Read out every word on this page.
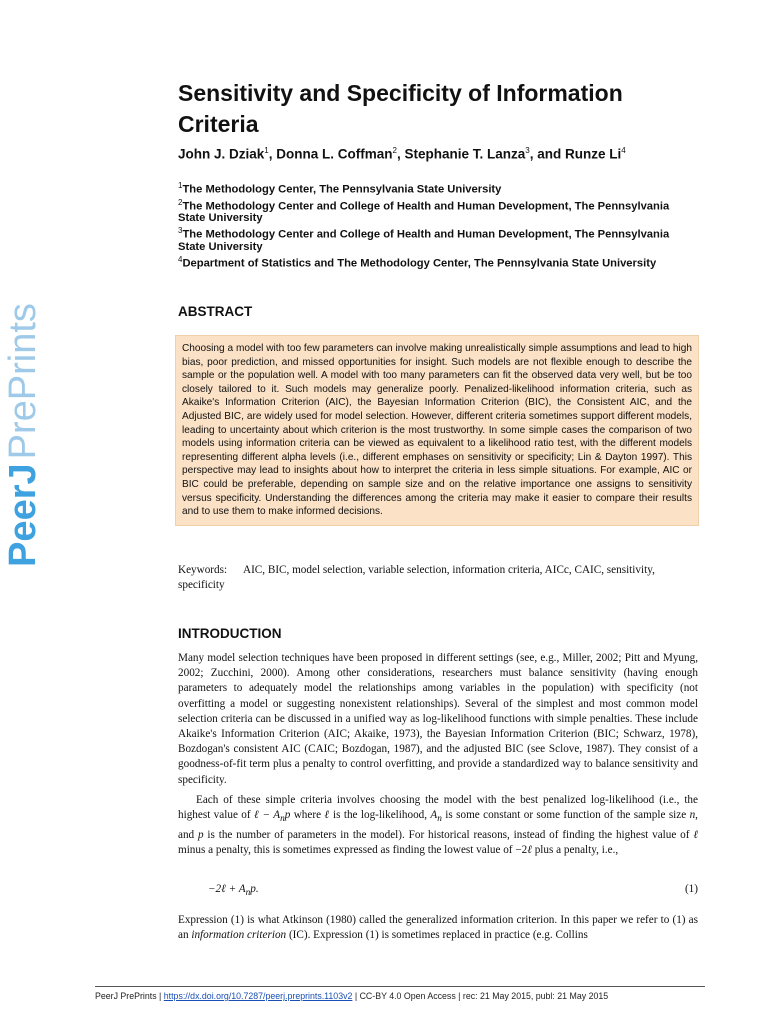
PeerJPrePrints
Sensitivity and Specificity of Information Criteria
John J. Dziak$^1$, Donna L. Coffman$^2$, Stephanie T. Lanza$^3$, and Runze Li$^4$
$^1$The Methodology Center, The Pennsylvania State University
$^2$The Methodology Center and College of Health and Human Development, The Pennsylvania State University
$^3$The Methodology Center and College of Health and Human Development, The Pennsylvania State University
$^4$Department of Statistics and The Methodology Center, The Pennsylvania State University
ABSTRACT
Choosing a model with too few parameters can involve making unrealistically simple assumptions and lead to high bias, poor prediction, and missed opportunities for insight. Such models are not flexible enough to describe the sample or the population well. A model with too many parameters can fit the observed data very well, but be too closely tailored to it. Such models may generalize poorly. Penalized-likelihood information criteria, such as Akaike's Information Criterion (AIC), the Bayesian Information Criterion (BIC), the Consistent AIC, and the Adjusted BIC, are widely used for model selection. However, different criteria sometimes support different models, leading to uncertainty about which criterion is the most trustworthy. In some simple cases the comparison of two models using information criteria can be viewed as equivalent to a likelihood ratio test, with the different models representing different alpha levels (i.e., different emphases on sensitivity or specificity; Lin & Dayton 1997). This perspective may lead to insights about how to interpret the criteria in less simple situations. For example, AIC or BIC could be preferable, depending on sample size and on the relative importance one assigns to sensitivity versus specificity. Understanding the differences among the criteria may make it easier to compare their results and to use them to make informed decisions.
Keywords: AIC, BIC, model selection, variable selection, information criteria, AICc, CAIC, sensitivity, specificity
INTRODUCTION

Many model selection techniques have been proposed in different settings (see, e.g., Miller, 2002; Pitt and Myung, 2002; Zucchini, 2000). Among other considerations, researchers must balance sensitivity (having enough parameters to adequately model the relationships among variables in the population) with specificity (not overfitting a model or suggesting nonexistent relationships). Several of the simplest and most common model selection criteria can be discussed in a unified way as log-likelihood functions with simple penalties. These include Akaike's Information Criterion (AIC; Akaike, 1973), the Bayesian Information Criterion (BIC; Schwarz, 1978), Bozdogan's consistent AIC (CAIC; Bozdogan, 1987), and the adjusted BIC (see Sclove, 1987). They consist of a goodness-of-fit term plus a penalty to control overfitting, and provide a standardized way to balance sensitivity and specificity.

Each of these simple criteria involves choosing the model with the best penalized log-likelihood (i.e., the highest value of ℓ − $A_np$ where ℓ is the log-likelihood, $A_n$ is some constant or some function of the sample size n, and p is the number of parameters in the model). For historical reasons, instead of finding the highest value of ℓ minus a penalty, this is sometimes expressed as finding the lowest value of −2ℓ plus a penalty, i.e.,

−2ℓ + $A_np$.	(1)

Expression (1) is what Atkinson (1980) called the generalized information criterion. In this paper we refer to (1) as an information criterion (IC). Expression (1) is sometimes replaced in practice (e.g. Collins

PeerJ PrePrints | https://dx.doi.org/10.7287/peerj.preprints.1103v2 | CC-BY 4.0 Open Access | rec: 21 May 2015, publ: 21 May 2015
